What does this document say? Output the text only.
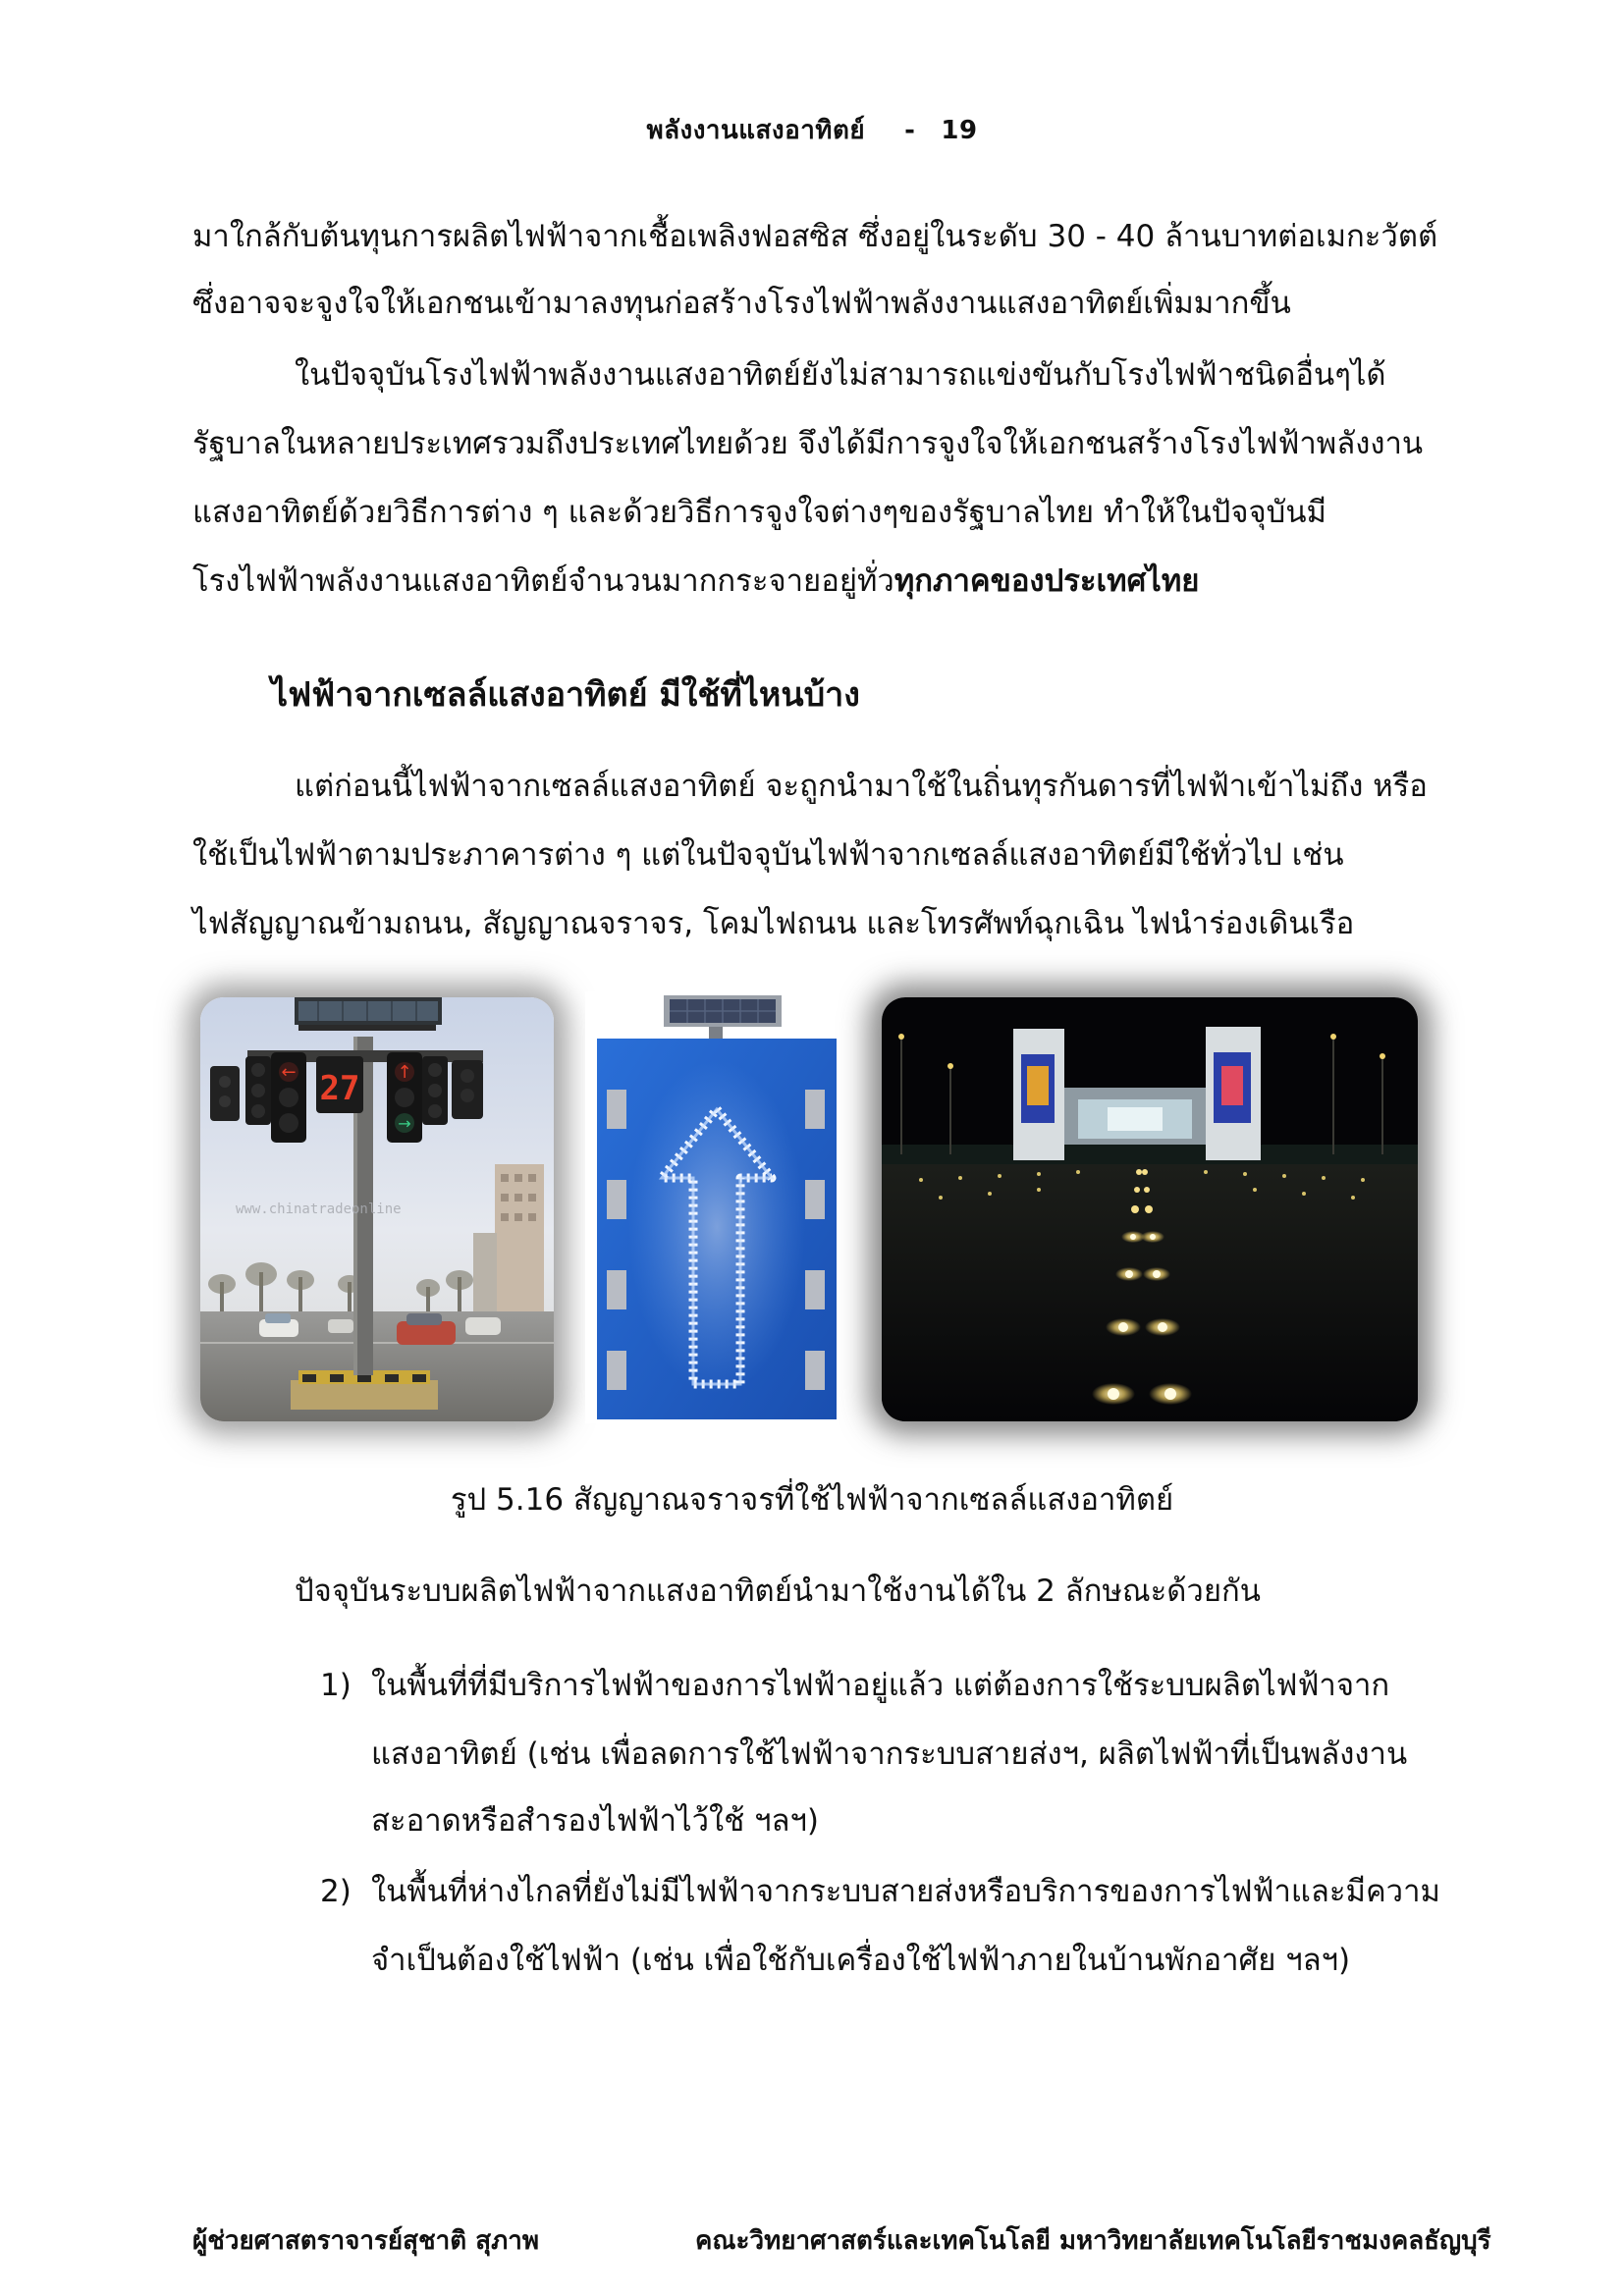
พลังงานแสงอาทิตย์ - 19
มาใกล้กับต้นทุนการผลิตไฟฟ้าจากเชื้อเพลิงฟอสซิส ซึ่งอยู่ในระดับ 30 - 40 ล้านบาทต่อเมกะวัตต์
ซึ่งอาจจะจูงใจให้เอกชนเข้ามาลงทุนก่อสร้างโรงไฟฟ้าพลังงานแสงอาทิตย์เพิ่มมากขึ้น
ในปัจจุบันโรงไฟฟ้าพลังงานแสงอาทิตย์ยังไม่สามารถแข่งขันกับโรงไฟฟ้าชนิดอื่นๆได้
รัฐบาลในหลายประเทศรวมถึงประเทศไทยด้วย จึงได้มีการจูงใจให้เอกชนสร้างโรงไฟฟ้าพลังงาน
แสงอาทิตย์ด้วยวิธีการต่าง ๆ และด้วยวิธีการจูงใจต่างๆของรัฐบาลไทย ทำให้ในปัจจุบันมี
โรงไฟฟ้าพลังงานแสงอาทิตย์จำนวนมากกระจายอยู่ทั่วทุกภาคของประเทศไทย
ไฟฟ้าจากเซลล์แสงอาทิตย์ มีใช้ที่ไหนบ้าง
แต่ก่อนนี้ไฟฟ้าจากเซลล์แสงอาทิตย์ จะถูกนำมาใช้ในถิ่นทุรกันดารที่ไฟฟ้าเข้าไม่ถึง หรือ
ใช้เป็นไฟฟ้าตามประภาคารต่าง ๆ แต่ในปัจจุบันไฟฟ้าจากเซลล์แสงอาทิตย์มีใช้ทั่วไป เช่น
ไฟสัญญาณข้ามถนน, สัญญาณจราจร, โคมไฟถนน และโทรศัพท์ฉุกเฉิน ไฟนำร่องเดินเรือ
← 27 ↑
→
www.chinatradeonline
รูป 5.16 สัญญาณจราจรที่ใช้ไฟฟ้าจากเซลล์แสงอาทิตย์
ปัจจุบันระบบผลิตไฟฟ้าจากแสงอาทิตย์นำมาใช้งานได้ใน 2 ลักษณะด้วยกัน
1) ในพื้นที่ที่มีบริการไฟฟ้าของการไฟฟ้าอยู่แล้ว แต่ต้องการใช้ระบบผลิตไฟฟ้าจาก
แสงอาทิตย์ (เช่น เพื่อลดการใช้ไฟฟ้าจากระบบสายส่งฯ, ผลิตไฟฟ้าที่เป็นพลังงาน
สะอาดหรือสำรองไฟฟ้าไว้ใช้ ฯลฯ)
2) ในพื้นที่ห่างไกลที่ยังไม่มีไฟฟ้าจากระบบสายส่งหรือบริการของการไฟฟ้าและมีความ
จำเป็นต้องใช้ไฟฟ้า (เช่น เพื่อใช้กับเครื่องใช้ไฟฟ้าภายในบ้านพักอาศัย ฯลฯ)
ผู้ช่วยศาสตราจารย์สุชาติ สุภาพ	คณะวิทยาศาสตร์และเทคโนโลยี มหาวิทยาลัยเทคโนโลยีราชมงคลธัญบุรี
